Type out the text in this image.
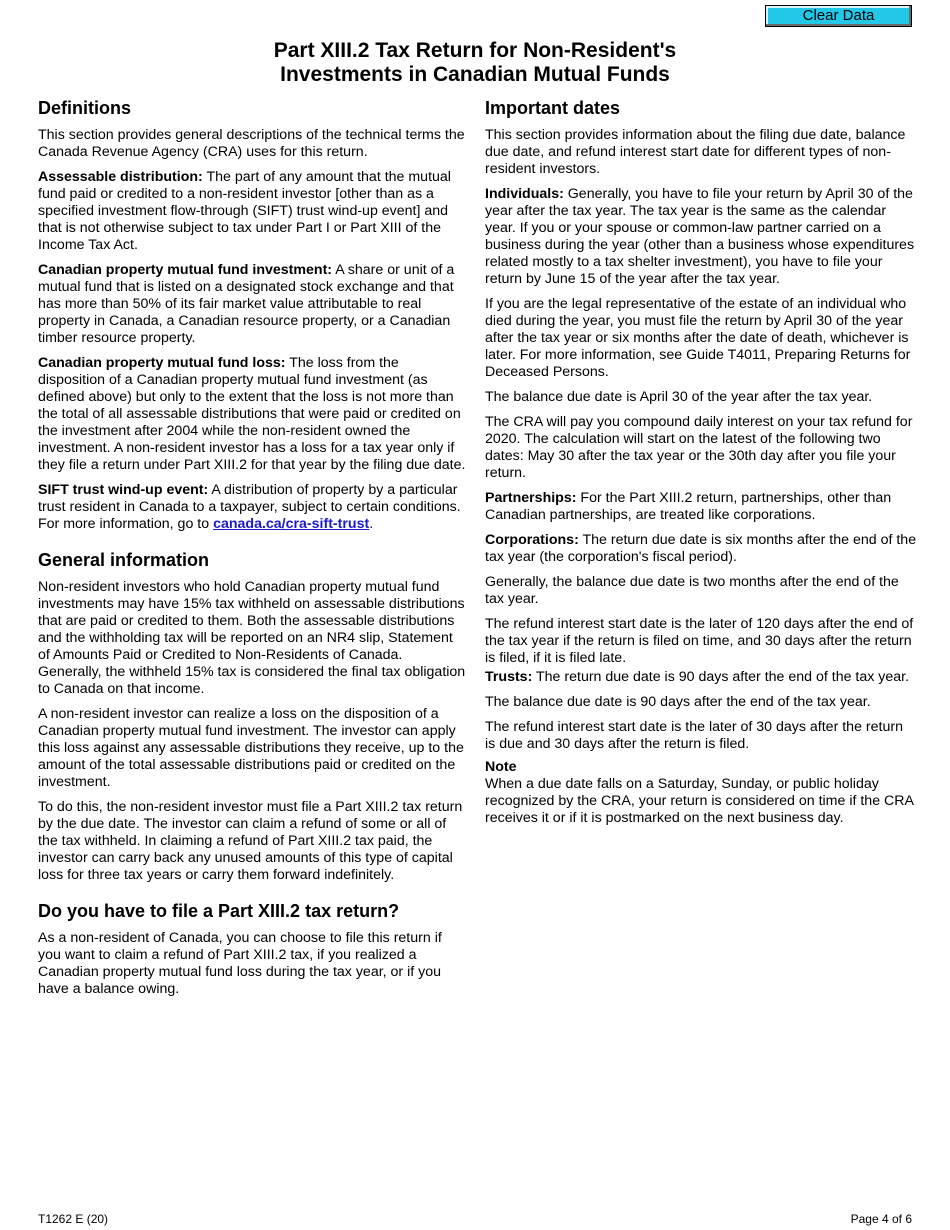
Clear Data
Part XIII.2 Tax Return for Non-Resident's
Investments in Canadian Mutual Funds
Definitions

This section provides general descriptions of the technical terms the Canada Revenue Agency (CRA) uses for this return.

Assessable distribution: The part of any amount that the mutual fund paid or credited to a non-resident investor [other than as a specified investment flow-through (SIFT) trust wind-up event] and that is not otherwise subject to tax under Part I or Part XIII of the Income Tax Act.

Canadian property mutual fund investment: A share or unit of a mutual fund that is listed on a designated stock exchange and that has more than 50% of its fair market value attributable to real property in Canada, a Canadian resource property, or a Canadian timber resource property.

Canadian property mutual fund loss: The loss from the disposition of a Canadian property mutual fund investment (as defined above) but only to the extent that the loss is not more than the total of all assessable distributions that were paid or credited on the investment after 2004 while the non-resident owned the investment. A non-resident investor has a loss for a tax year only if they file a return under Part XIII.2 for that year by the filing due date.

SIFT trust wind-up event: A distribution of property by a particular trust resident in Canada to a taxpayer, subject to certain conditions. For more information, go to canada.ca/cra-sift-trust.

General information

Non-resident investors who hold Canadian property mutual fund investments may have 15% tax withheld on assessable distributions that are paid or credited to them. Both the assessable distributions and the withholding tax will be reported on an NR4 slip, Statement of Amounts Paid or Credited to Non-Residents of Canada. Generally, the withheld 15% tax is considered the final tax obligation to Canada on that income.

A non-resident investor can realize a loss on the disposition of a Canadian property mutual fund investment. The investor can apply this loss against any assessable distributions they receive, up to the amount of the total assessable distributions paid or credited on the investment.

To do this, the non-resident investor must file a Part XIII.2 tax return by the due date. The investor can claim a refund of some or all of the tax withheld. In claiming a refund of Part XIII.2 tax paid, the investor can carry back any unused amounts of this type of capital loss for three tax years or carry them forward indefinitely.

Do you have to file a Part XIII.2 tax return?

As a non-resident of Canada, you can choose to file this return if you want to claim a refund of Part XIII.2 tax, if you realized a Canadian property mutual fund loss during the tax year, or if you have a balance owing.

Important dates

This section provides information about the filing due date, balance due date, and refund interest start date for different types of non-resident investors.

Individuals: Generally, you have to file your return by April 30 of the year after the tax year. The tax year is the same as the calendar year. If you or your spouse or common-law partner carried on a business during the year (other than a business whose expenditures related mostly to a tax shelter investment), you have to file your return by June 15 of the year after the tax year.

If you are the legal representative of the estate of an individual who died during the year, you must file the return by April 30 of the year after the tax year or six months after the date of death, whichever is later. For more information, see Guide T4011, Preparing Returns for Deceased Persons.

The balance due date is April 30 of the year after the tax year.

The CRA will pay you compound daily interest on your tax refund for 2020. The calculation will start on the latest of the following two dates: May 30 after the tax year or the 30th day after you file your return.

Partnerships: For the Part XIII.2 return, partnerships, other than Canadian partnerships, are treated like corporations.

Corporations: The return due date is six months after the end of the tax year (the corporation's fiscal period).

Generally, the balance due date is two months after the end of the tax year.

The refund interest start date is the later of 120 days after the end of the tax year if the return is filed on time, and 30 days after the return is filed, if it is filed late.

Trusts: The return due date is 90 days after the end of the tax year.

The balance due date is 90 days after the end of the tax year.

The refund interest start date is the later of 30 days after the return is due and 30 days after the return is filed.

Note

When a due date falls on a Saturday, Sunday, or public holiday recognized by the CRA, your return is considered on time if the CRA receives it or if it is postmarked on the next business day.

T1262 E (20)	Page 4 of 6
